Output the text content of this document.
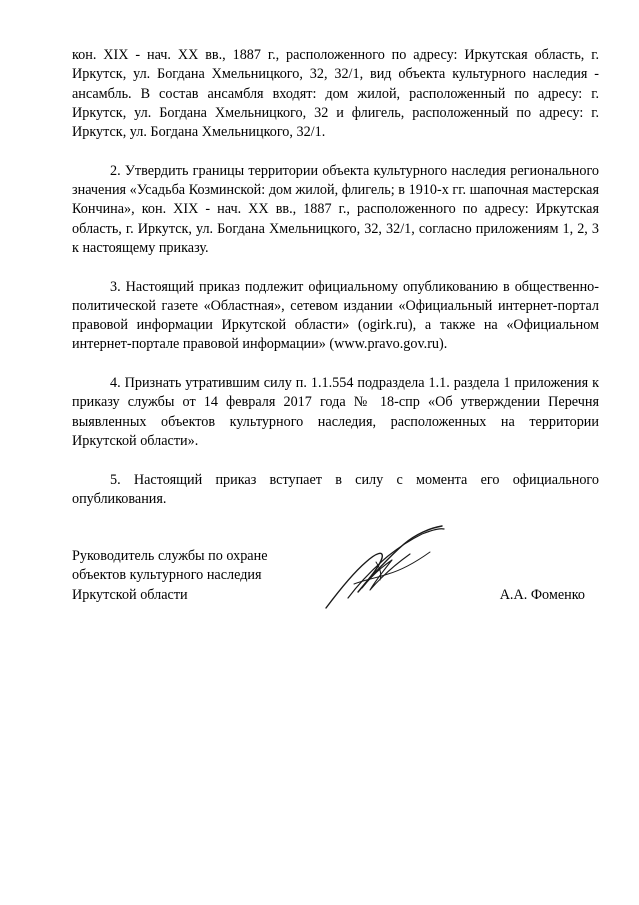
кон. XIX - нач. XX вв., 1887 г., расположенного по адресу: Иркутская область, г. Иркутск, ул. Богдана Хмельницкого, 32, 32/1, вид объекта культурного наследия - ансамбль. В состав ансамбля входят: дом жилой, расположенный по адресу: г. Иркутск, ул. Богдана Хмельницкого, 32 и флигель, расположенный по адресу: г. Иркутск, ул. Богдана Хмельницкого, 32/1.

2. Утвердить границы территории объекта культурного наследия регионального значения «Усадьба Козминской: дом жилой, флигель; в 1910-х гг. шапочная мастерская Кончина», кон. XIX - нач. XX вв., 1887 г., расположенного по адресу: Иркутская область, г. Иркутск, ул. Богдана Хмельницкого, 32, 32/1, согласно приложениям 1, 2, 3 к настоящему приказу.

3. Настоящий приказ подлежит официальному опубликованию в общественно-политической газете «Областная», сетевом издании «Официальный интернет-портал правовой информации Иркутской области» (ogirk.ru), а также на «Официальном интернет-портале правовой информации» (www.pravo.gov.ru).

4. Признать утратившим силу п. 1.1.554 подраздела 1.1. раздела 1 приложения к приказу службы от 14 февраля 2017 года № 18-спр «Об утверждении Перечня выявленных объектов культурного наследия, расположенных на территории Иркутской области».

5. Настоящий приказ вступает в силу с момента его официального опубликования.

Руководитель службы по охране
объектов культурного наследия
Иркутской области	А.А. Фоменко
